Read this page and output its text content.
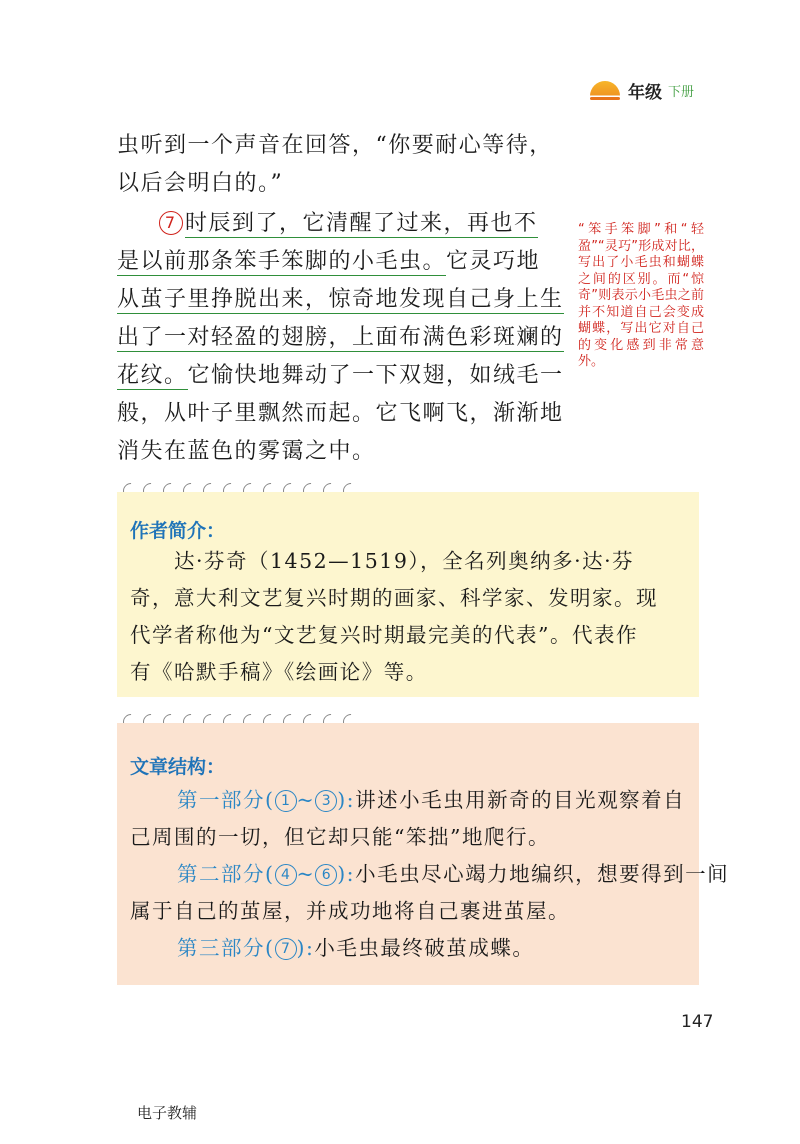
年级 下册
虫听到一个声音在回答，“你要耐心等待，
以后会明白的。”
7 时辰到了，它清醒了过来，再也不
是以前那条笨手笨脚的小毛虫。它灵巧地
从茧子里挣脱出来，惊奇地发现自己身上生
出了一对轻盈的翅膀，上面布满色彩斑斓的
花纹。它愉快地舞动了一下双翅，如绒毛一
般，从叶子里飘然而起。它飞啊飞，渐渐地
消失在蓝色的雾霭之中。
“笨手笨脚”和“轻盈”“灵巧”形成对比，写出了小毛虫和蝴蝶之间的区别。而“惊奇”则表示小毛虫之前并不知道自己会变成蝴蝶，写出它对自己的变化感到非常意外。
作者简介：
　　达·芬奇（1452—1519），全名列奥纳多·达·芬
奇，意大利文艺复兴时期的画家、科学家、发明家。现
代学者称他为“文艺复兴时期最完美的代表”。代表作
有《哈默手稿》《绘画论》等。
文章结构：
第一部分( 1 ~ 3 ):讲述小毛虫用新奇的目光观察着自
己周围的一切，但它却只能“笨拙”地爬行。
第二部分( 4 ~ 6 ):小毛虫尽心竭力地编织，想要得到一间
属于自己的茧屋，并成功地将自己裹进茧屋。
第三部分( 7 ):小毛虫最终破茧成蝶。
147
电子教辅
